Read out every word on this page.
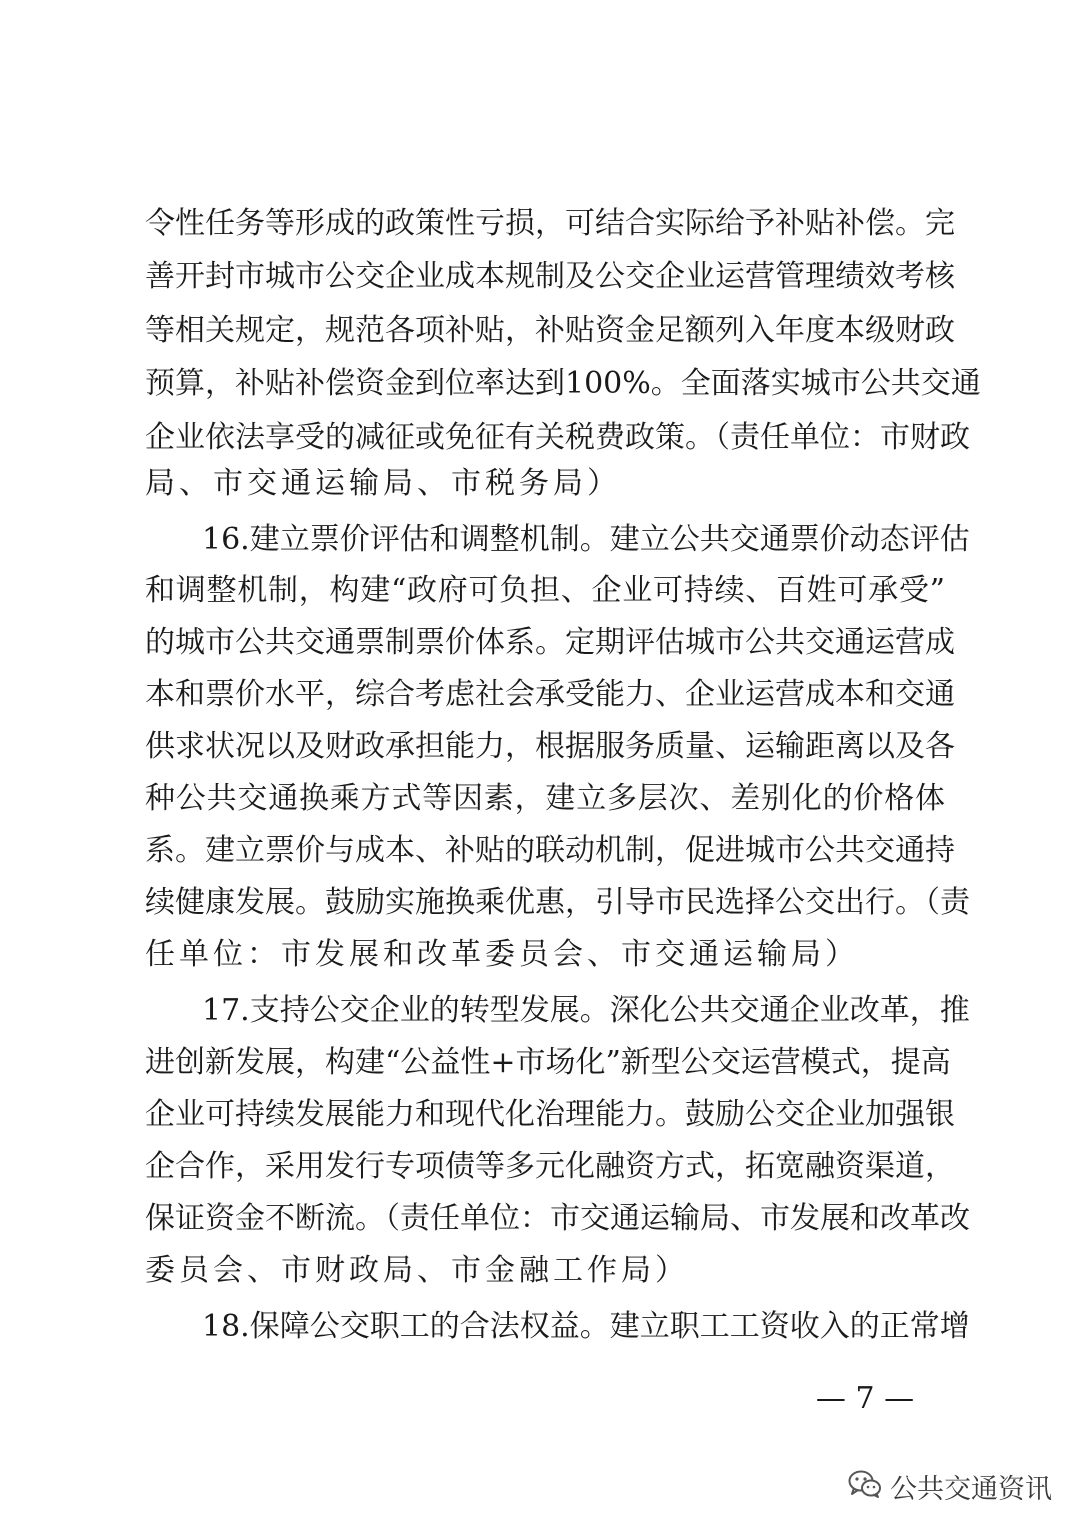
令性任务等形成的政策性亏损，可结合实际给予补贴补偿。完
善开封市城市公交企业成本规制及公交企业运营管理绩效考核
等相关规定，规范各项补贴，补贴资金足额列入年度本级财政
预算，补贴补偿资金到位率达到100%。全面落实城市公共交通
企业依法享受的减征或免征有关税费政策。（责任单位：市财政
局、市交通运输局、市税务局）
16.建立票价评估和调整机制。建立公共交通票价动态评估
和调整机制，构建“政府可负担、企业可持续、百姓可承受”
的城市公共交通票制票价体系。定期评估城市公共交通运营成
本和票价水平，综合考虑社会承受能力、企业运营成本和交通
供求状况以及财政承担能力，根据服务质量、运输距离以及各
种公共交通换乘方式等因素，建立多层次、差别化的价格体
系。建立票价与成本、补贴的联动机制，促进城市公共交通持
续健康发展。鼓励实施换乘优惠，引导市民选择公交出行。（责
任单位：市发展和改革委员会、市交通运输局）
17.支持公交企业的转型发展。深化公共交通企业改革，推
进创新发展，构建“公益性+市场化”新型公交运营模式，提高
企业可持续发展能力和现代化治理能力。鼓励公交企业加强银
企合作，采用发行专项债等多元化融资方式，拓宽融资渠道，
保证资金不断流。（责任单位：市交通运输局、市发展和改革改
委员会、市财政局、市金融工作局）
18.保障公交职工的合法权益。建立职工工资收入的正常增
— 7 —
公共交通资讯
